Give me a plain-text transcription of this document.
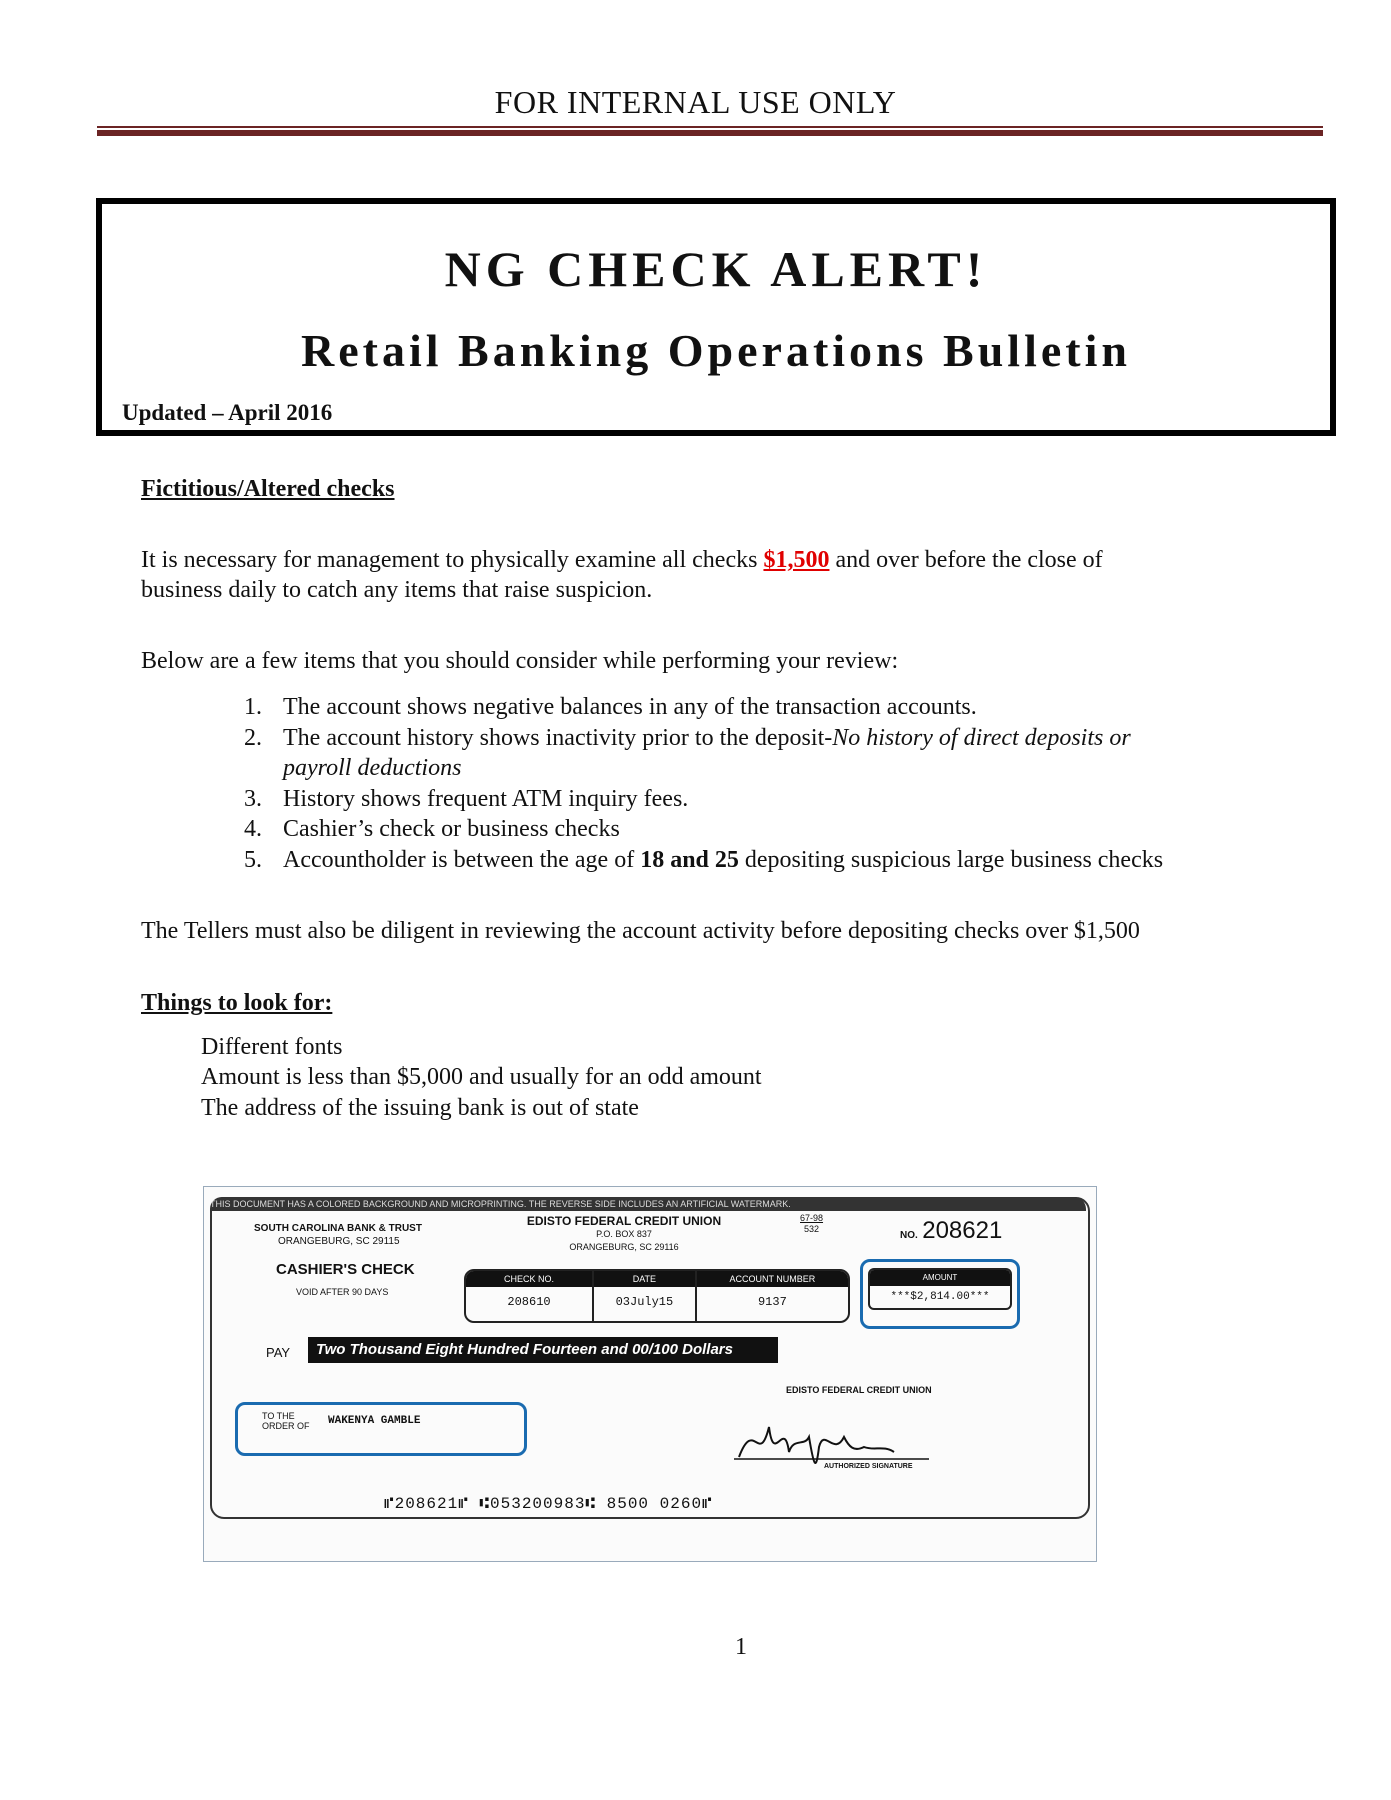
FOR INTERNAL USE ONLY
NG CHECK ALERT!
Retail Banking Operations Bulletin
Updated – April 2016
Fictitious/Altered checks
It is necessary for management to physically examine all checks $1,500 and over before the close of
business daily to catch any items that raise suspicion.
Below are a few items that you should consider while performing your review:
1. The account shows negative balances in any of the transaction accounts.
2. The account history shows inactivity prior to the deposit-No history of direct deposits or
payroll deductions
3. History shows frequent ATM inquiry fees.
4. Cashier’s check or business checks
5. Accountholder is between the age of 18 and 25 depositing suspicious large business checks
The Tellers must also be diligent in reviewing the account activity before depositing checks over $1,500
Things to look for:
Different fonts
Amount is less than $5,000 and usually for an odd amount
The address of the issuing bank is out of state
THIS DOCUMENT HAS A COLORED BACKGROUND AND MICROPRINTING. THE REVERSE SIDE INCLUDES AN ARTIFICIAL WATERMARK.
SOUTH CAROLINA BANK & TRUST
ORANGEBURG, SC 29115
EDISTO FEDERAL CREDIT UNION
P.O. BOX 837
ORANGEBURG, SC 29116
67-98
532
NO. 208621
CASHIER'S CHECK
VOID AFTER 90 DAYS
CHECK NO.
208610
DATE
03July15
ACCOUNT NUMBER
9137
AMOUNT
***$2,814.00***
PAY	Two Thousand Eight Hundred Fourteen and 00/100 Dollars
EDISTO FEDERAL CREDIT UNION
TO THE ORDER OF WAKENYA GAMBLE
AUTHORIZED SIGNATURE
⑈208621⑈ ⑆053200983⑆ 8500 0260⑈
1
